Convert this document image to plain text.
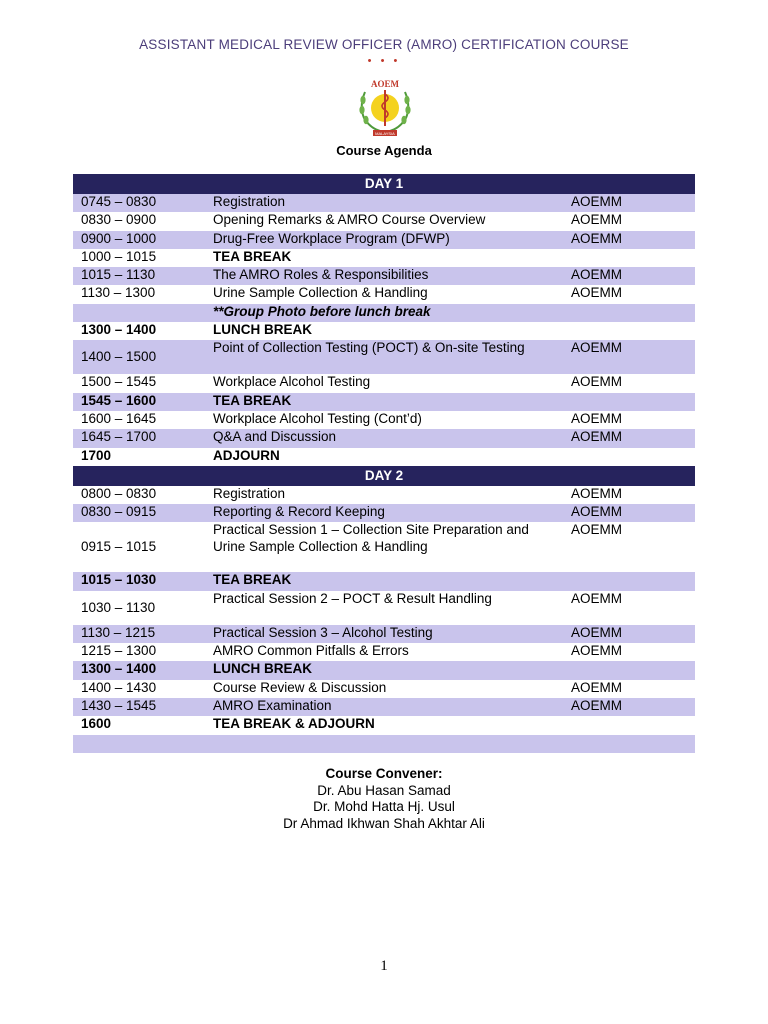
ASSISTANT MEDICAL REVIEW OFFICER (AMRO) CERTIFICATION COURSE
• • •
AOEM
MALAYSIA
Course Agenda
DAY 1		
0745 – 0830	Registration	AOEMM
0830 – 0900	Opening Remarks & AMRO Course Overview	AOEMM
0900 – 1000	Drug-Free Workplace Program (DFWP)	AOEMM
1000 – 1015	TEA BREAK	
1015 – 1130	The AMRO Roles & Responsibilities	AOEMM
1130 – 1300	Urine Sample Collection & Handling	AOEMM
	**Group Photo before lunch break	
1300 – 1400	LUNCH BREAK	
1400 – 1500	Point of Collection Testing (POCT) & On-site Testing	AOEMM
1500 – 1545	Workplace Alcohol Testing	AOEMM
1545 – 1600	TEA BREAK	
1600 – 1645	Workplace Alcohol Testing (Cont’d)	AOEMM
1645 – 1700	Q&A and Discussion	AOEMM
1700	ADJOURN	
DAY 2		
0800 – 0830	Registration	AOEMM
0830 – 0915	Reporting & Record Keeping	AOEMM
0915 – 1015	Practical Session 1 – Collection Site Preparation and Urine Sample Collection & Handling	AOEMM
1015 – 1030	TEA BREAK	
1030 – 1130	Practical Session 2 – POCT & Result Handling	AOEMM
1130 – 1215	Practical Session 3 – Alcohol Testing	AOEMM
1215 – 1300	AMRO Common Pitfalls & Errors	AOEMM
1300 – 1400	LUNCH BREAK	
1400 – 1430	Course Review & Discussion	AOEMM
1430 – 1545	AMRO Examination	AOEMM
1600	TEA BREAK & ADJOURN	

Course Convener:
Dr. Abu Hasan Samad
Dr. Mohd Hatta Hj. Usul
Dr Ahmad Ikhwan Shah Akhtar Ali
1
